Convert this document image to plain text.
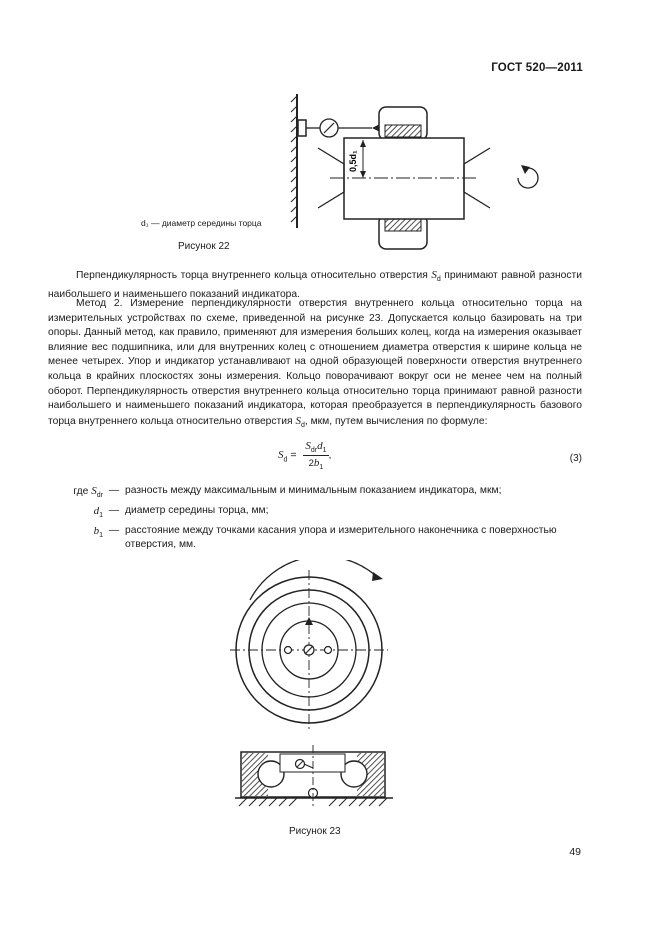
ГОСТ 520—2011
0,5d₁
d₁ — диаметр середины торца
Рисунок 22
Перпендикулярность торца внутреннего кольца относительно отверстия $S_d$ принимают равной разности наибольшего и наименьшего показаний индикатора.
Метод 2. Измерение перпендикулярности отверстия внутреннего кольца относительно торца на измерительных устройствах по схеме, приведенной на рисунке 23. Допускается кольцо базировать на три опоры. Данный метод, как правило, применяют для измерения больших колец, когда на измерения оказывает влияние вес подшипника, или для внутренних колец с отношением диаметра отверстия к ширине кольца не менее четырех. Упор и индикатор устанавливают на одной образующей поверхности отверстия внутреннего кольца в крайних плоскостях зоны измерения. Кольцо поворачивают вокруг оси не менее чем на полный оборот. Перпендикулярность отверстия внутреннего кольца относительно торца принимают равной разности наибольшего и наименьшего показаний индикатора, которая преобразуется в перпендикулярность базового торца внутреннего кольца относительно отверстия $S_d$, мкм, путем вычисления по формуле:
$S_d = \frac{S_{dr}d_1}{2b_1}$ ,	(3)
где $S_{dr}$ — разность между максимальным и минимальным показанием индикатора, мкм;
$d_1$ — диаметр середины торца, мм;
$b_1$ — расстояние между точками касания упора и измерительного наконечника с поверхностью отверстия, мм.
Рисунок 23
49
